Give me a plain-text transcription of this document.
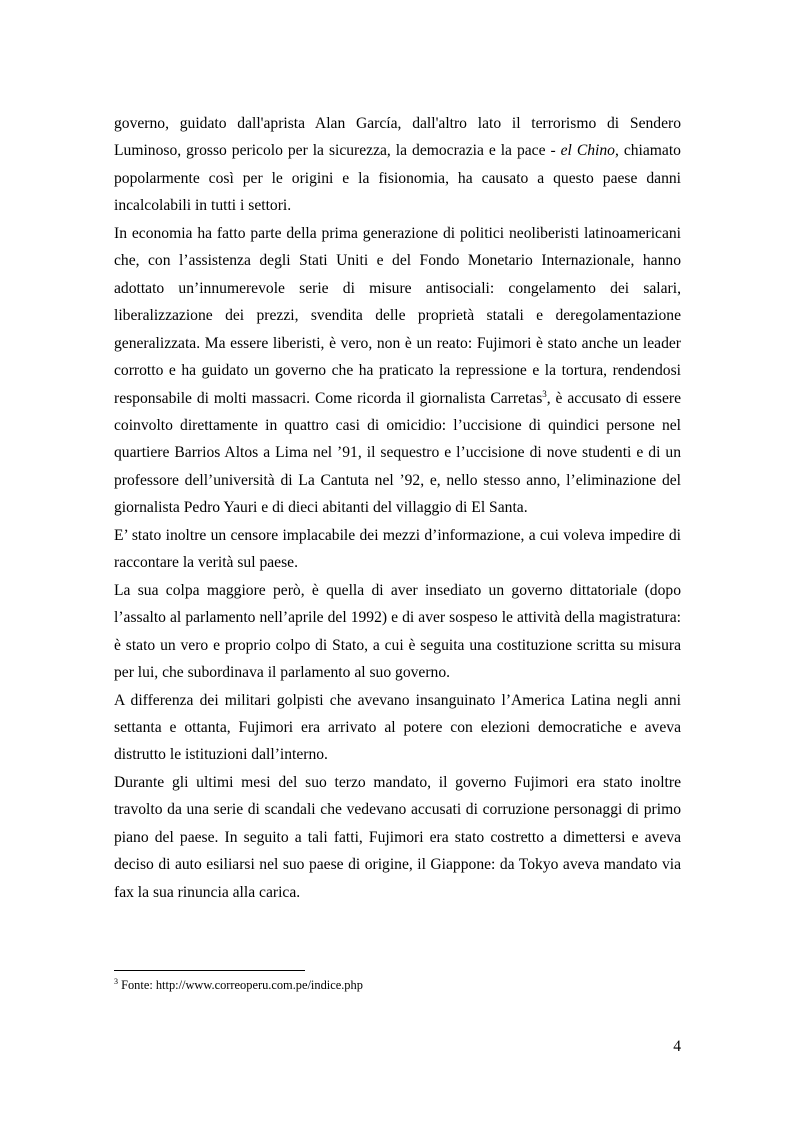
governo, guidato dall'aprista Alan García, dall'altro lato il terrorismo di Sendero Luminoso, grosso pericolo per la sicurezza, la democrazia e la pace - el Chino, chiamato popolarmente così per le origini e la fisionomia, ha causato a questo paese danni incalcolabili in tutti i settori.

In economia ha fatto parte della prima generazione di politici neoliberisti latinoamericani che, con l’assistenza degli Stati Uniti e del Fondo Monetario Internazionale, hanno adottato un’innumerevole serie di misure antisociali: congelamento dei salari, liberalizzazione dei prezzi, svendita delle proprietà statali e deregolamentazione generalizzata. Ma essere liberisti, è vero, non è un reato: Fujimori è stato anche un leader corrotto e ha guidato un governo che ha praticato la repressione e la tortura, rendendosi responsabile di molti massacri. Come ricorda il giornalista Carretas$^3$, è accusato di essere coinvolto direttamente in quattro casi di omicidio: l’uccisione di quindici persone nel quartiere Barrios Altos a Lima nel ’91, il sequestro e l’uccisione di nove studenti e di un professore dell’università di La Cantuta nel ’92, e, nello stesso anno, l’eliminazione del giornalista Pedro Yauri e di dieci abitanti del villaggio di El Santa.

E’ stato inoltre un censore implacabile dei mezzi d’informazione, a cui voleva impedire di raccontare la verità sul paese.

La sua colpa maggiore però, è quella di aver insediato un governo dittatoriale (dopo l’assalto al parlamento nell’aprile del 1992) e di aver sospeso le attività della magistratura: è stato un vero e proprio colpo di Stato, a cui è seguita una costituzione scritta su misura per lui, che subordinava il parlamento al suo governo.

A differenza dei militari golpisti che avevano insanguinato l’America Latina negli anni settanta e ottanta, Fujimori era arrivato al potere con elezioni democratiche e aveva distrutto le istituzioni dall’interno.

Durante gli ultimi mesi del suo terzo mandato, il governo Fujimori era stato inoltre travolto da una serie di scandali che vedevano accusati di corruzione personaggi di primo piano del paese. In seguito a tali fatti, Fujimori era stato costretto a dimettersi e aveva deciso di auto esiliarsi nel suo paese di origine, il Giappone: da Tokyo aveva mandato via fax la sua rinuncia alla carica.

$^3$ Fonte: http://www.correoperu.com.pe/indice.php
4
